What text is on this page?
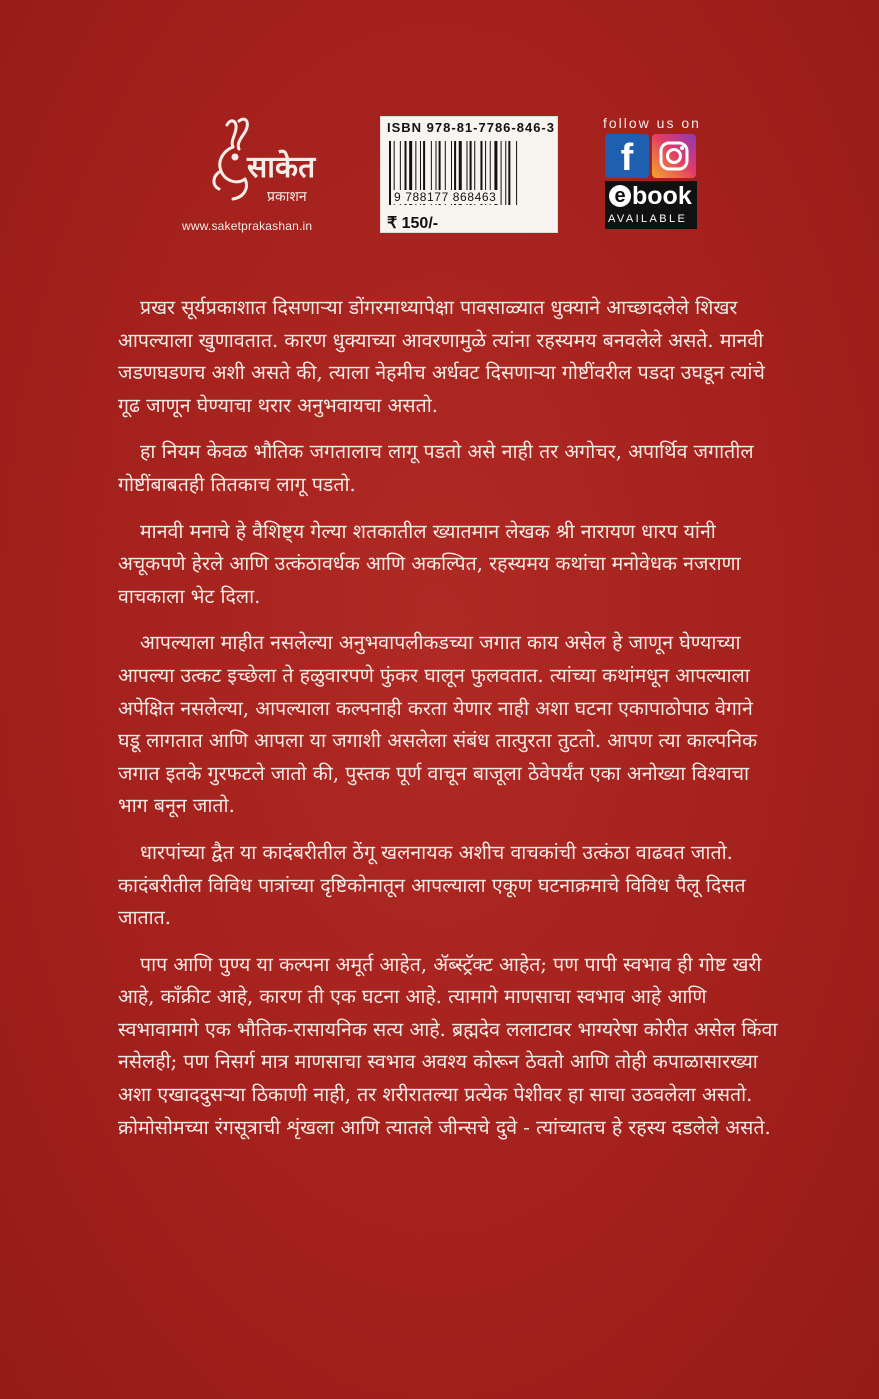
साकेत
प्रकाशन
www.saketprakashan.in
ISBN 978-81-7786-846-3
9 788177 868463
₹ 150/-
follow us on
f
e book
AVAILABLE

प्रखर सूर्यप्रकाशात दिसणाऱ्या डोंगरमाथ्यापेक्षा पावसाळ्यात धुक्याने आच्छादलेले शिखर आपल्याला खुणावतात. कारण धुक्याच्या आवरणामुळे त्यांना रहस्यमय बनवलेले असते. मानवी जडणघडणच अशी असते की, त्याला नेहमीच अर्धवट दिसणाऱ्या गोष्टींवरील पडदा उघडून त्यांचे गूढ जाणून घेण्याचा थरार अनुभवायचा असतो.

हा नियम केवळ भौतिक जगतालाच लागू पडतो असे नाही तर अगोचर, अपार्थिव जगातील गोष्टींबाबतही तितकाच लागू पडतो.

मानवी मनाचे हे वैशिष्ट्य गेल्या शतकातील ख्यातमान लेखक श्री नारायण धारप यांनी अचूकपणे हेरले आणि उत्कंठावर्धक आणि अकल्पित, रहस्यमय कथांचा मनोवेधक नजराणा वाचकाला भेट दिला.

आपल्याला माहीत नसलेल्या अनुभवापलीकडच्या जगात काय असेल हे जाणून घेण्याच्या आपल्या उत्कट इच्छेला ते हळुवारपणे फुंकर घालून फुलवतात. त्यांच्या कथांमधून आपल्याला अपेक्षित नसलेल्या, आपल्याला कल्पनाही करता येणार नाही अशा घटना एकापाठोपाठ वेगाने घडू लागतात आणि आपला या जगाशी असलेला संबंध तात्पुरता तुटतो. आपण त्या काल्पनिक जगात इतके गुरफटले जातो की, पुस्तक पूर्ण वाचून बाजूला ठेवेपर्यंत एका अनोख्या विश्वाचा भाग बनून जातो.

धारपांच्या द्वैत या कादंबरीतील ठेंगू खलनायक अशीच वाचकांची उत्कंठा वाढवत जातो. कादंबरीतील विविध पात्रांच्या दृष्टिकोनातून आपल्याला एकूण घटनाक्रमाचे विविध पैलू दिसत जातात.

पाप आणि पुण्य या कल्पना अमूर्त आहेत, ॲब्स्ट्रॅक्ट आहेत; पण पापी स्वभाव ही गोष्ट खरी आहे, काँक्रीट आहे, कारण ती एक घटना आहे. त्यामागे माणसाचा स्वभाव आहे आणि स्वभावामागे एक भौतिक-रासायनिक सत्य आहे. ब्रह्मदेव ललाटावर भाग्यरेषा कोरीत असेल किंवा नसेलही; पण निसर्ग मात्र माणसाचा स्वभाव अवश्य कोरून ठेवतो आणि तोही कपाळासारख्या अशा एखाददुसऱ्या ठिकाणी नाही, तर शरीरातल्या प्रत्येक पेशीवर हा साचा उठवलेला असतो. क्रोमोसोमच्या रंगसूत्राची शृंखला आणि त्यातले जीन्सचे दुवे - त्यांच्यातच हे रहस्य दडलेले असते.
